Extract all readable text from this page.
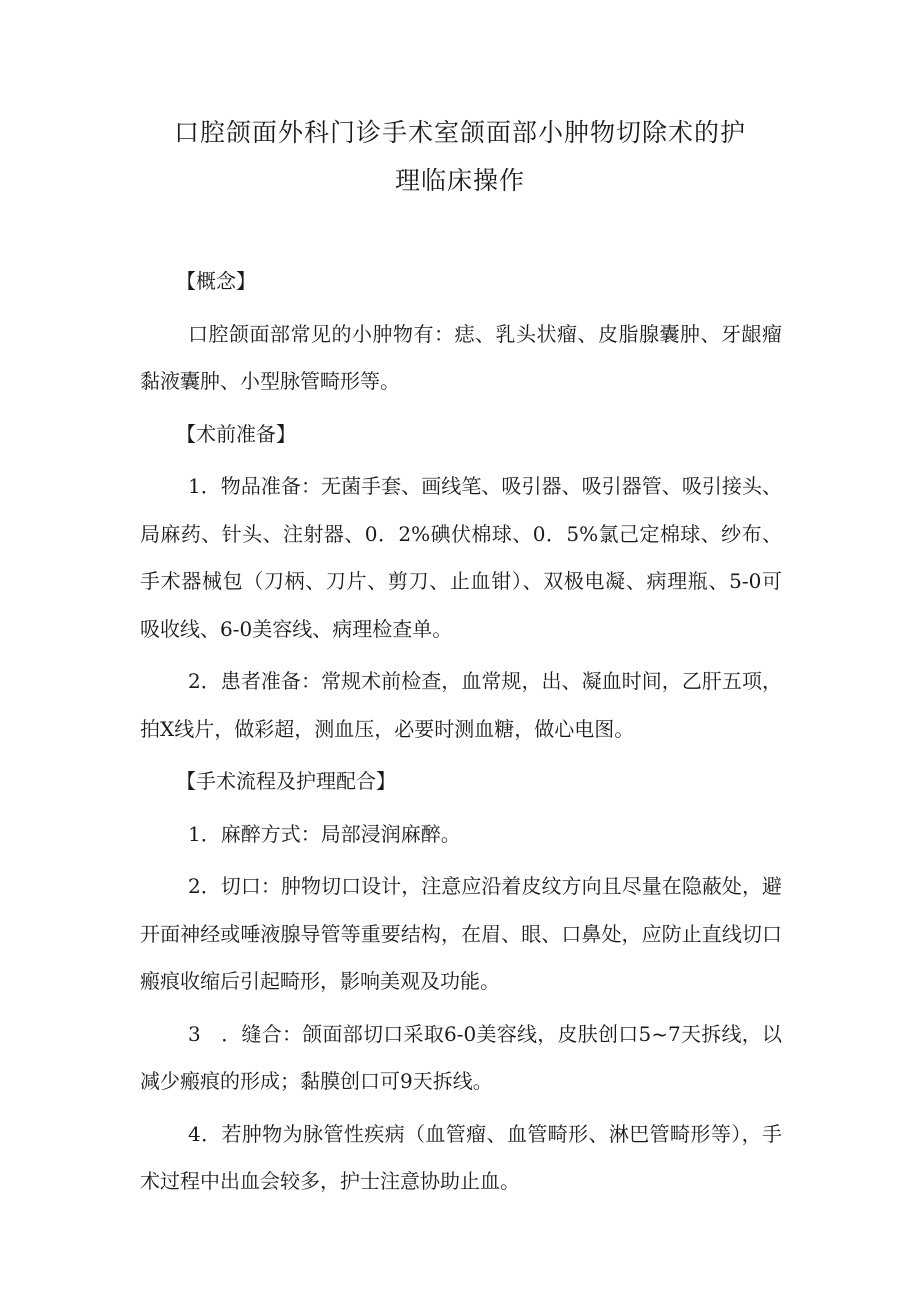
口腔颌面外科门诊手术室颌面部小肿物切除术的护
理临床操作
【概念】

口腔颌面部常见的小肿物有：痣、乳头状瘤、皮脂腺囊肿、牙龈瘤黏液囊肿、小型脉管畸形等。

【术前准备】

1．物品准备：无菌手套、画线笔、吸引器、吸引器管、吸引接头、局麻药、针头、注射器、0．2%碘伏棉球、0．5%氯己定棉球、纱布、手术器械包（刀柄、刀片、剪刀、止血钳）、双极电凝、病理瓶、5-0可吸收线、6-0美容线、病理检查单。

2．患者准备：常规术前检查，血常规，出、凝血时间，乙肝五项，拍X线片，做彩超，测血压，必要时测血糖，做心电图。

【手术流程及护理配合】

1．麻醉方式：局部浸润麻醉。

2．切口：肿物切口设计，注意应沿着皮纹方向且尽量在隐蔽处，避开面神经或唾液腺导管等重要结构，在眉、眼、口鼻处，应防止直线切口瘢痕收缩后引起畸形，影响美观及功能。

3　．缝合：颌面部切口采取6-0美容线，皮肤创口5~7天拆线，以减少瘢痕的形成；黏膜创口可9天拆线。

4．若肿物为脉管性疾病（血管瘤、血管畸形、淋巴管畸形等），手术过程中出血会较多，护士注意协助止血。
